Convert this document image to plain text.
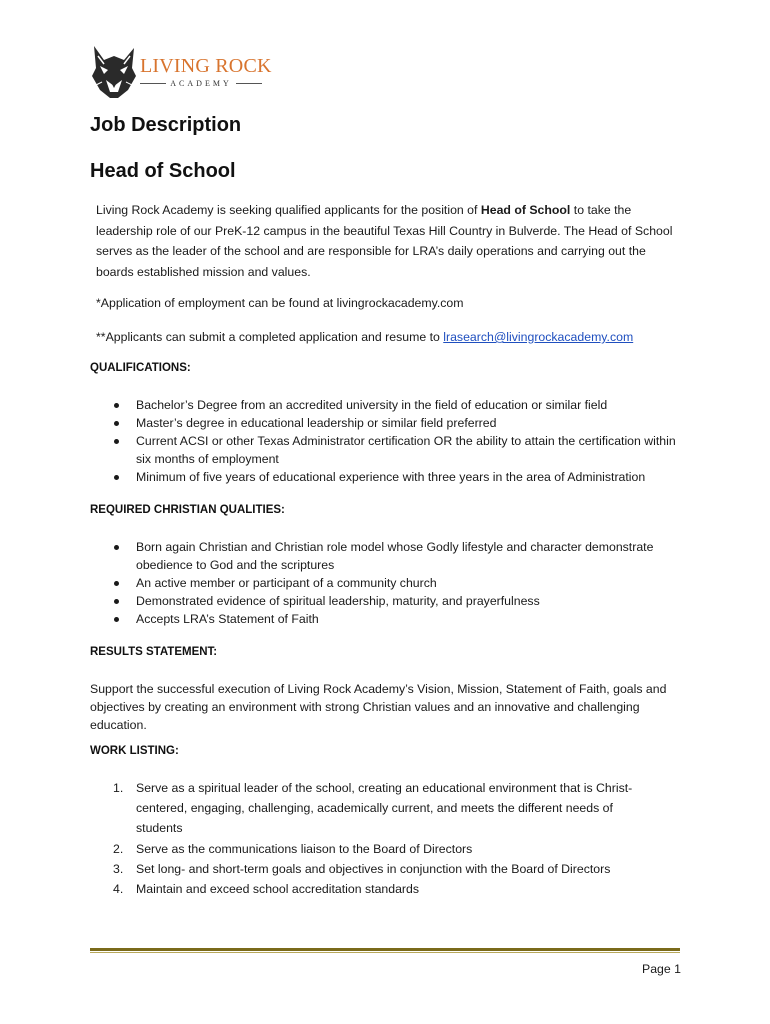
LIVING ROCK
ACADEMY
Job Description
Head of School
Living Rock Academy is seeking qualified applicants for the position of Head of School to take the leadership role of our PreK-12 campus in the beautiful Texas Hill Country in Bulverde. The Head of School serves as the leader of the school and are responsible for LRA’s daily operations and carrying out the boards established mission and values.
*Application of employment can be found at livingrockacademy.com
**Applicants can submit a completed application and resume to lrasearch@livingrockacademy.com
QUALIFICATIONS:
Bachelor’s Degree from an accredited university in the field of education or similar field
Master’s degree in educational leadership or similar field preferred
Current ACSI or other Texas Administrator certification OR the ability to attain the certification within six months of employment
Minimum of five years of educational experience with three years in the area of Administration
REQUIRED CHRISTIAN QUALITIES:
Born again Christian and Christian role model whose Godly lifestyle and character demonstrate obedience to God and the scriptures
An active member or participant of a community church
Demonstrated evidence of spiritual leadership, maturity, and prayerfulness
Accepts LRA’s Statement of Faith
RESULTS STATEMENT:
Support the successful execution of Living Rock Academy’s Vision, Mission, Statement of Faith, goals and objectives by creating an environment with strong Christian values and an innovative and challenging education.
WORK LISTING:
1. Serve as a spiritual leader of the school, creating an educational environment that is Christ-centered, engaging, challenging, academically current, and meets the different needs of students
2. Serve as the communications liaison to the Board of Directors
3. Set long- and short-term goals and objectives in conjunction with the Board of Directors
4. Maintain and exceed school accreditation standards
Page 1
